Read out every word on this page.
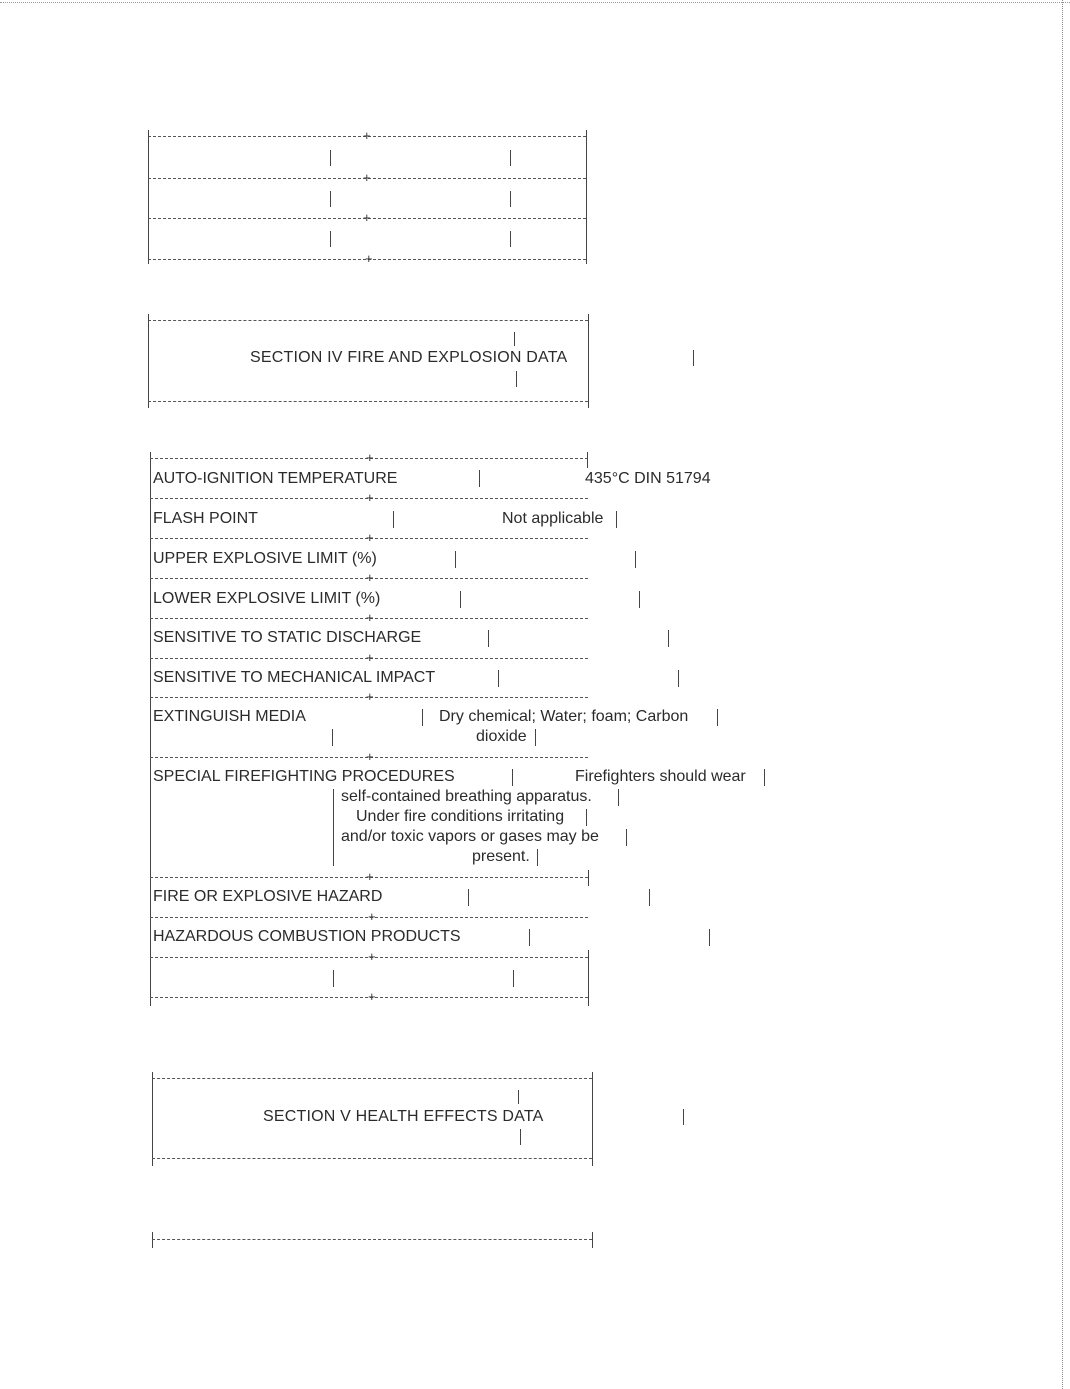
+
+
+
+
SECTION IV FIRE AND EXPLOSION DATA
+
AUTO-IGNITION TEMPERATURE	435°C DIN 51794
+
FLASH POINT	Not applicable
+
UPPER EXPLOSIVE LIMIT (%)
+
LOWER EXPLOSIVE LIMIT (%)
+
SENSITIVE TO STATIC DISCHARGE
+
SENSITIVE TO MECHANICAL IMPACT
+
EXTINGUISH MEDIA	Dry chemical; Water; foam; Carbon
dioxide
+
SPECIAL FIREFIGHTING PROCEDURES	Firefighters should wear
self-contained breathing apparatus.
Under fire conditions irritating
and/or toxic vapors or gases may be
present.
+
FIRE OR EXPLOSIVE HAZARD
+
HAZARDOUS COMBUSTION PRODUCTS
+
+
SECTION V HEALTH EFFECTS DATA
